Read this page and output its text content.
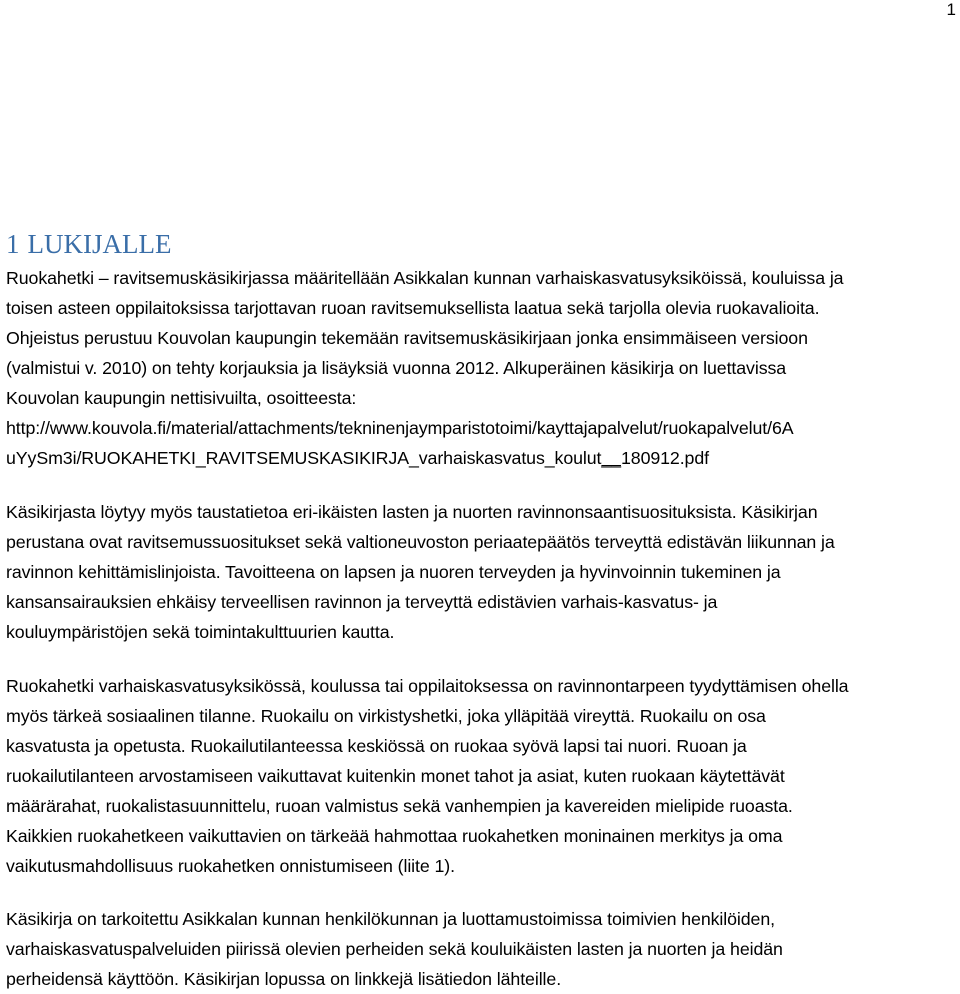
1
1 LUKIJALLE

Ruokahetki – ravitsemuskäsikirjassa määritellään Asikkalan kunnan varhaiskasvatusyksiköissä, kouluissa ja

toisen asteen oppilaitoksissa tarjottavan ruoan ravitsemuksellista laatua sekä tarjolla olevia ruokavalioita.

Ohjeistus perustuu Kouvolan kaupungin tekemään ravitsemuskäsikirjaan jonka ensimmäiseen versioon

(valmistui v. 2010) on tehty korjauksia ja lisäyksiä vuonna 2012. Alkuperäinen käsikirja on luettavissa

Kouvolan kaupungin nettisivuilta, osoitteesta:

http://www.kouvola.fi/material/attachments/tekninenjaymparistotoimi/kayttajapalvelut/ruokapalvelut/6A

uYySm3i/RUOKAHETKI_RAVITSEMUSKASIKIRJA_varhaiskasvatus_koulut__180912.pdf

Käsikirjasta löytyy myös taustatietoa eri-ikäisten lasten ja nuorten ravinnonsaantisuosituksista. Käsikirjan

perustana ovat ravitsemussuositukset sekä valtioneuvoston periaatepäätös terveyttä edistävän liikunnan ja

ravinnon kehittämislinjoista. Tavoitteena on lapsen ja nuoren terveyden ja hyvinvoinnin tukeminen ja

kansansairauksien ehkäisy terveellisen ravinnon ja terveyttä edistävien varhais-kasvatus- ja

kouluympäristöjen sekä toimintakulttuurien kautta.

Ruokahetki varhaiskasvatusyksikössä, koulussa tai oppilaitoksessa on ravinnontarpeen tyydyttämisen ohella

myös tärkeä sosiaalinen tilanne. Ruokailu on virkistyshetki, joka ylläpitää vireyttä. Ruokailu on osa

kasvatusta ja opetusta. Ruokailutilanteessa keskiössä on ruokaa syövä lapsi tai nuori. Ruoan ja

ruokailutilanteen arvostamiseen vaikuttavat kuitenkin monet tahot ja asiat, kuten ruokaan käytettävät

määrärahat, ruokalistasuunnittelu, ruoan valmistus sekä vanhempien ja kavereiden mielipide ruoasta.

Kaikkien ruokahetkeen vaikuttavien on tärkeää hahmottaa ruokahetken moninainen merkitys ja oma

vaikutusmahdollisuus ruokahetken onnistumiseen (liite 1).

Käsikirja on tarkoitettu Asikkalan kunnan henkilökunnan ja luottamustoimissa toimivien henkilöiden,

varhaiskasvatuspalveluiden piirissä olevien perheiden sekä kouluikäisten lasten ja nuorten ja heidän

perheidensä käyttöön. Käsikirjan lopussa on linkkejä lisätiedon lähteille.
